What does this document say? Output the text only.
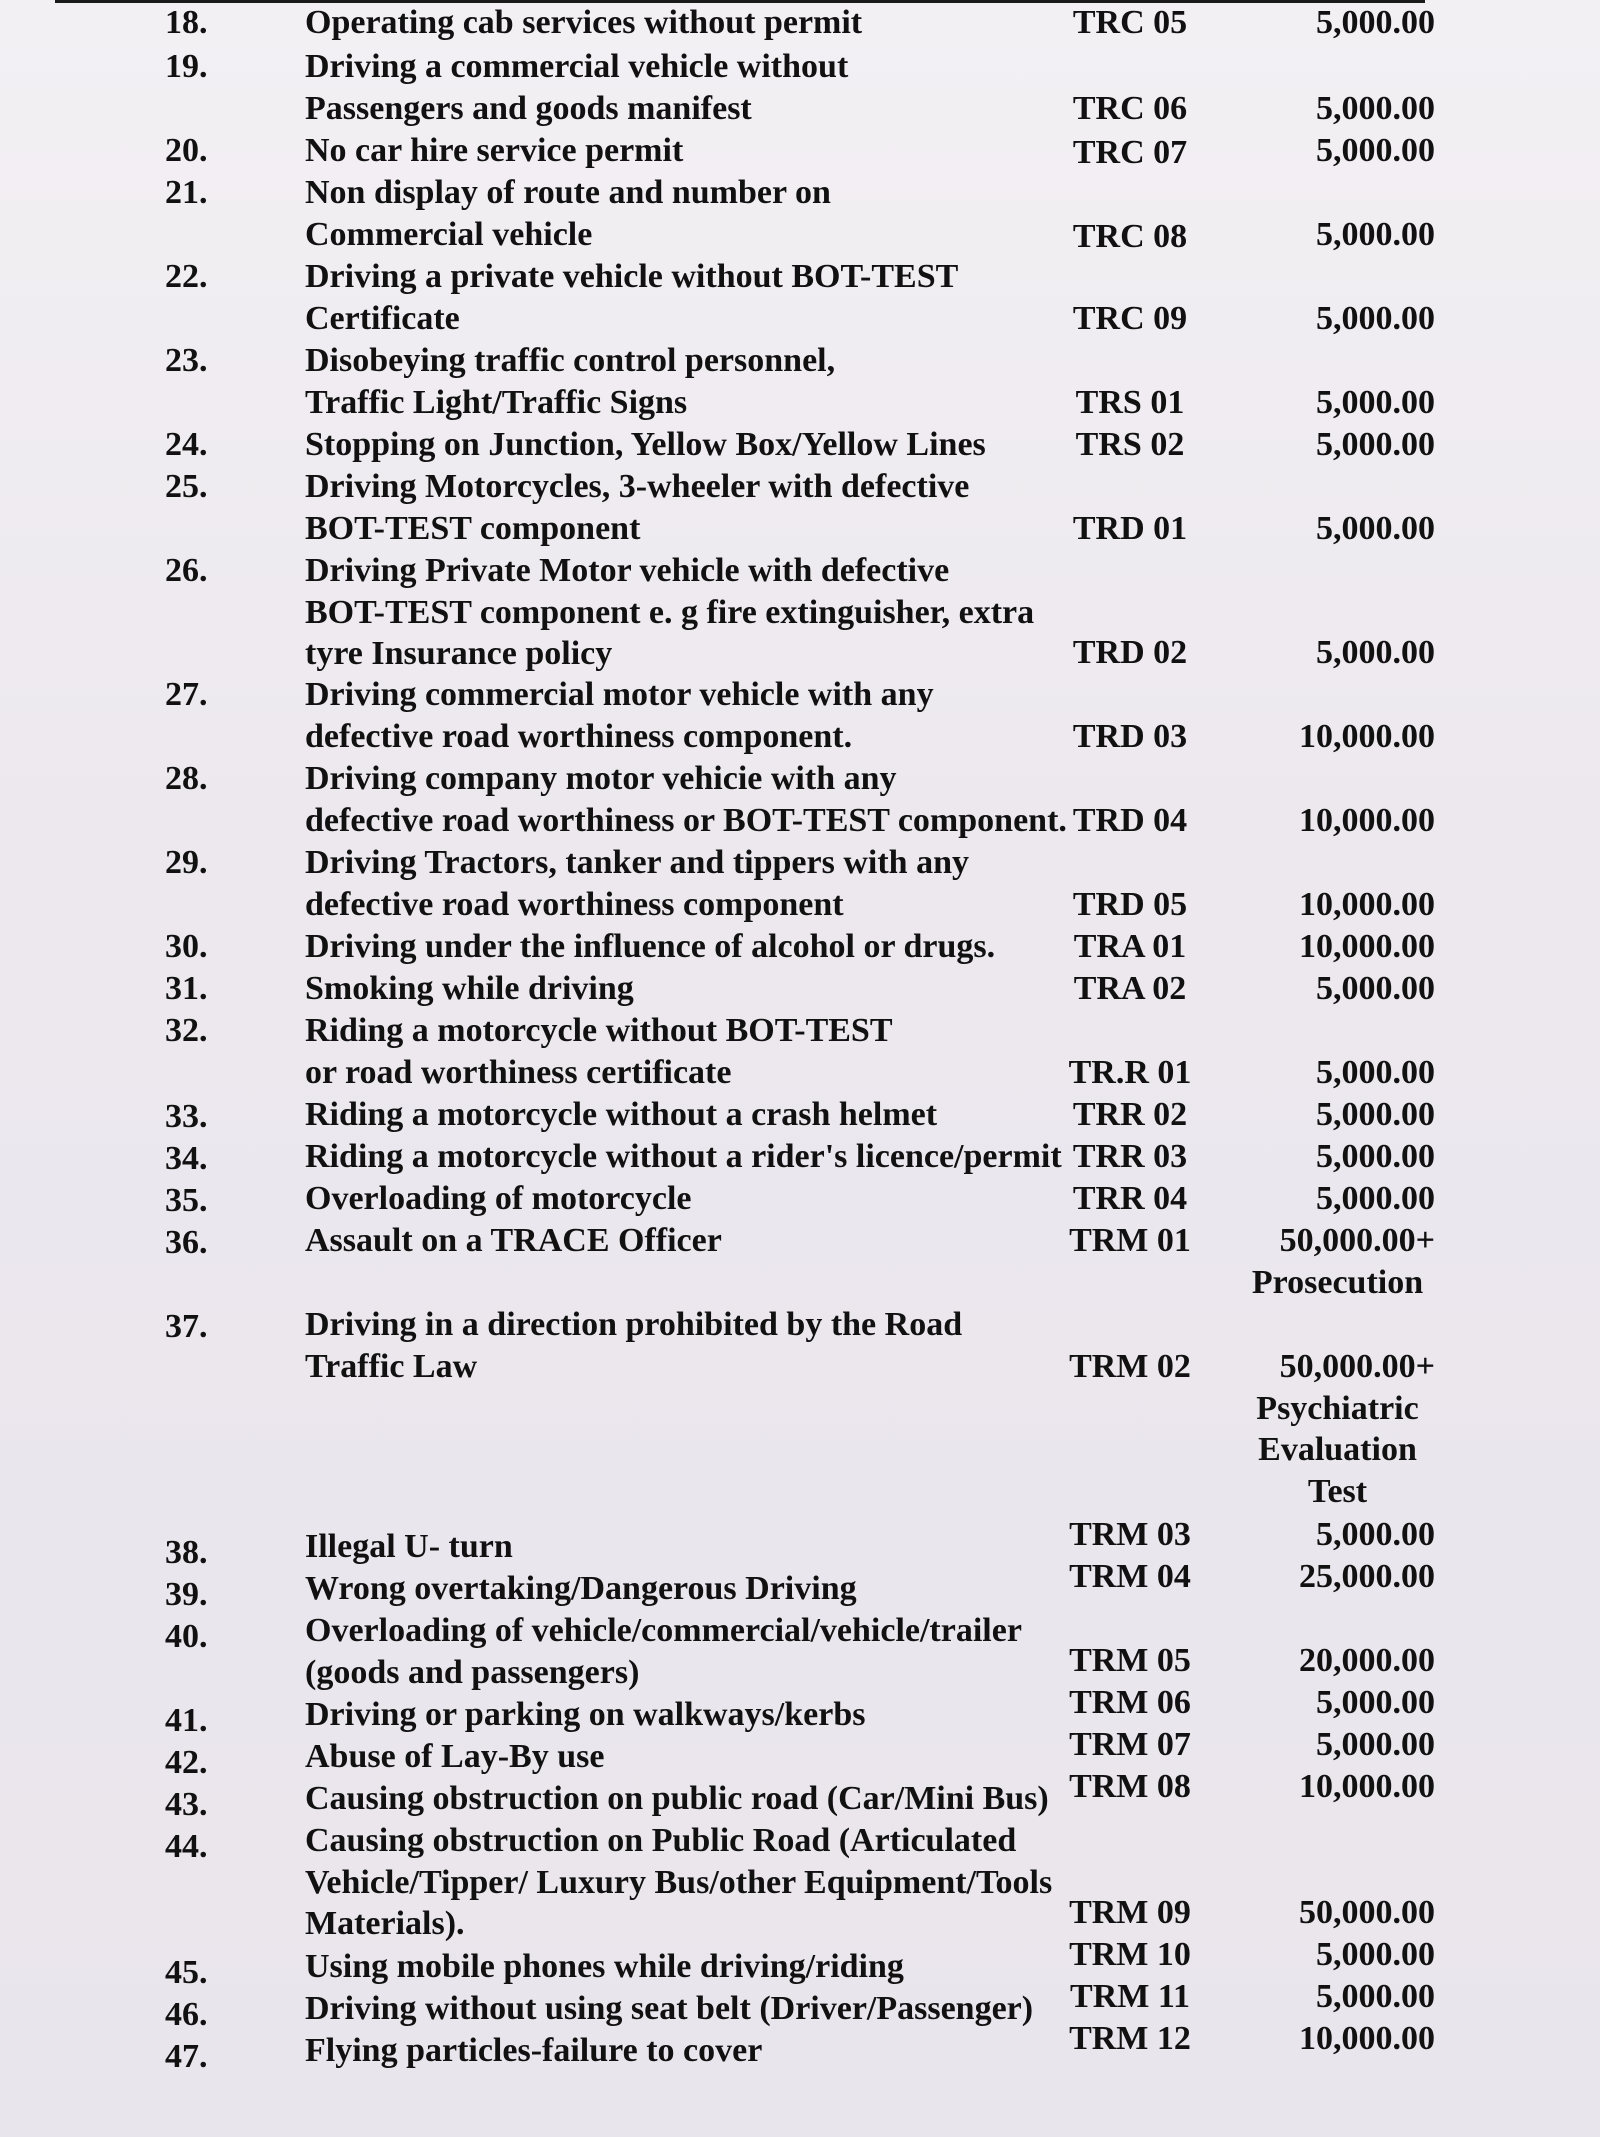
18.	Operating cab services without permit	TRC 05	5,000.00
19.	Driving a commercial vehicle without
Passengers and goods manifest	TRC 06	5,000.00
20.	No car hire service permit	TRC 07	5,000.00
21.	Non display of route and number on
Commercial vehicle	TRC 08	5,000.00
22.	Driving a private vehicle without BOT-TEST
Certificate	TRC 09	5,000.00
23.	Disobeying traffic control personnel,
Traffic Light/Traffic Signs	TRS 01	5,000.00
24.	Stopping on Junction, Yellow Box/Yellow Lines	TRS 02	5,000.00
25.	Driving Motorcycles, 3-wheeler with defective
BOT-TEST component	TRD 01	5,000.00
26.	Driving Private Motor vehicle with defective
BOT-TEST component e. g fire extinguisher, extra
tyre Insurance policy	TRD 02	5,000.00
27.	Driving commercial motor vehicle with any
defective road worthiness component.	TRD 03	10,000.00
28.	Driving company motor vehicie with any
defective road worthiness or BOT-TEST component. TRD 04	10,000.00
29.	Driving Tractors, tanker and tippers with any
defective road worthiness component	TRD 05	10,000.00
30.	Driving under the influence of alcohol or drugs.	TRA 01	10,000.00
31.	Smoking while driving	TRA 02	5,000.00
32.	Riding a motorcycle without BOT-TEST
or road worthiness certificate	TR.R 01	5,000.00
33.	Riding a motorcycle without a crash helmet	TRR 02	5,000.00
34.	Riding a motorcycle without a rider's licence/permit TRR 03	5,000.00
35.	Overloading of motorcycle	TRR 04	5,000.00
36.	Assault on a TRACE Officer	TRM 01	50,000.00+
Prosecution
37.	Driving in a direction prohibited by the Road
Traffic Law	TRM 02	50,000.00+
Psychiatric
Evaluation
Test
38.	Illegal U- turn	TRM 03	5,000.00
39.	Wrong overtaking/Dangerous Driving	TRM 04	25,000.00
40.	Overloading of vehicle/commercial/vehicle/trailer
(goods and passengers)	TRM 05	20,000.00
41.	Driving or parking on walkways/kerbs	TRM 06	5,000.00
42.	Abuse of Lay-By use	TRM 07	5,000.00
43.	Causing obstruction on public road (Car/Mini Bus) TRM 08	10,000.00
44.	Causing obstruction on Public Road (Articulated
Vehicle/Tipper/ Luxury Bus/other Equipment/Tools
Materials).	TRM 09	50,000.00
45.	Using mobile phones while driving/riding	TRM 10	5,000.00
46.	Driving without using seat belt (Driver/Passenger)	TRM 11	5,000.00
47.	Flying particles-failure to cover	TRM 12	10,000.00
